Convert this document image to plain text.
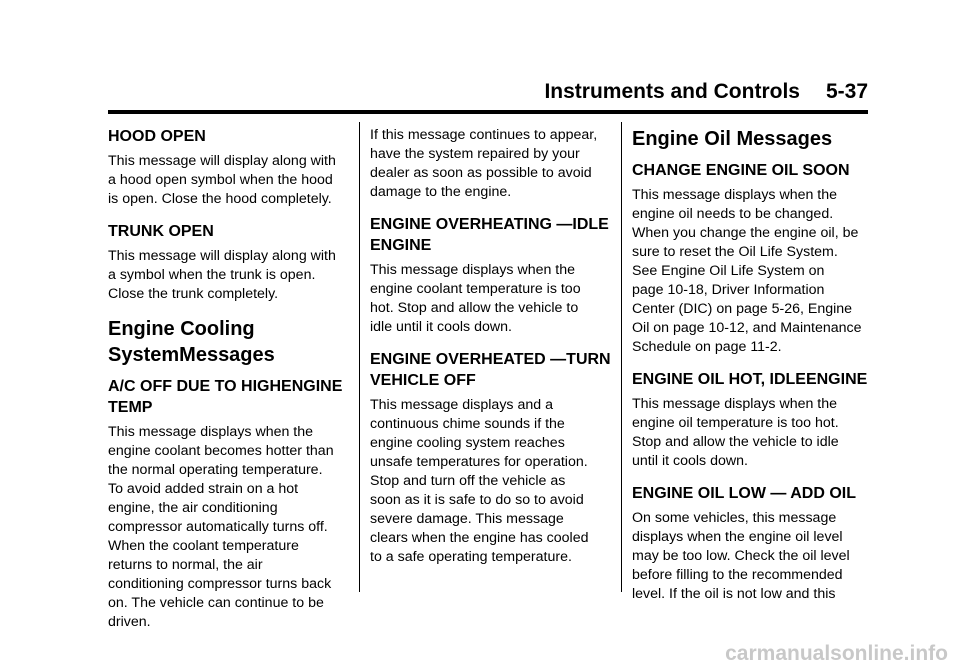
Instruments and Controls 5-37
HOOD OPEN
This message will display along with
a hood open symbol when the hood
is open. Close the hood completely.
TRUNK OPEN
This message will display along with
a symbol when the trunk is open.
Close the trunk completely.
Engine Cooling SystemMessages
A/C OFF DUE TO HIGHENGINE TEMP
This message displays when the
engine coolant becomes hotter than
the normal operating temperature.
To avoid added strain on a hot
engine, the air conditioning
compressor automatically turns off.
When the coolant temperature
returns to normal, the air
conditioning compressor turns back
on. The vehicle can continue to be
driven.
If this message continues to appear,
have the system repaired by your
dealer as soon as possible to avoid
damage to the engine.
ENGINE OVERHEATING —IDLE ENGINE
This message displays when the
engine coolant temperature is too
hot. Stop and allow the vehicle to
idle until it cools down.
ENGINE OVERHEATED —TURN VEHICLE OFF
This message displays and a
continuous chime sounds if the
engine cooling system reaches
unsafe temperatures for operation.
Stop and turn off the vehicle as
soon as it is safe to do so to avoid
severe damage. This message
clears when the engine has cooled
to a safe operating temperature.
Engine Oil Messages
CHANGE ENGINE OIL SOON
This message displays when the
engine oil needs to be changed.
When you change the engine oil, be
sure to reset the Oil Life System.
See Engine Oil Life System on
page 10-18, Driver Information
Center (DIC) on page 5-26, Engine
Oil on page 10-12, and Maintenance
Schedule on page 11-2.
ENGINE OIL HOT, IDLEENGINE
This message displays when the
engine oil temperature is too hot.
Stop and allow the vehicle to idle
until it cools down.
ENGINE OIL LOW — ADD OIL
On some vehicles, this message
displays when the engine oil level
may be too low. Check the oil level
before filling to the recommended
level. If the oil is not low and this
carmanualsonline.info
